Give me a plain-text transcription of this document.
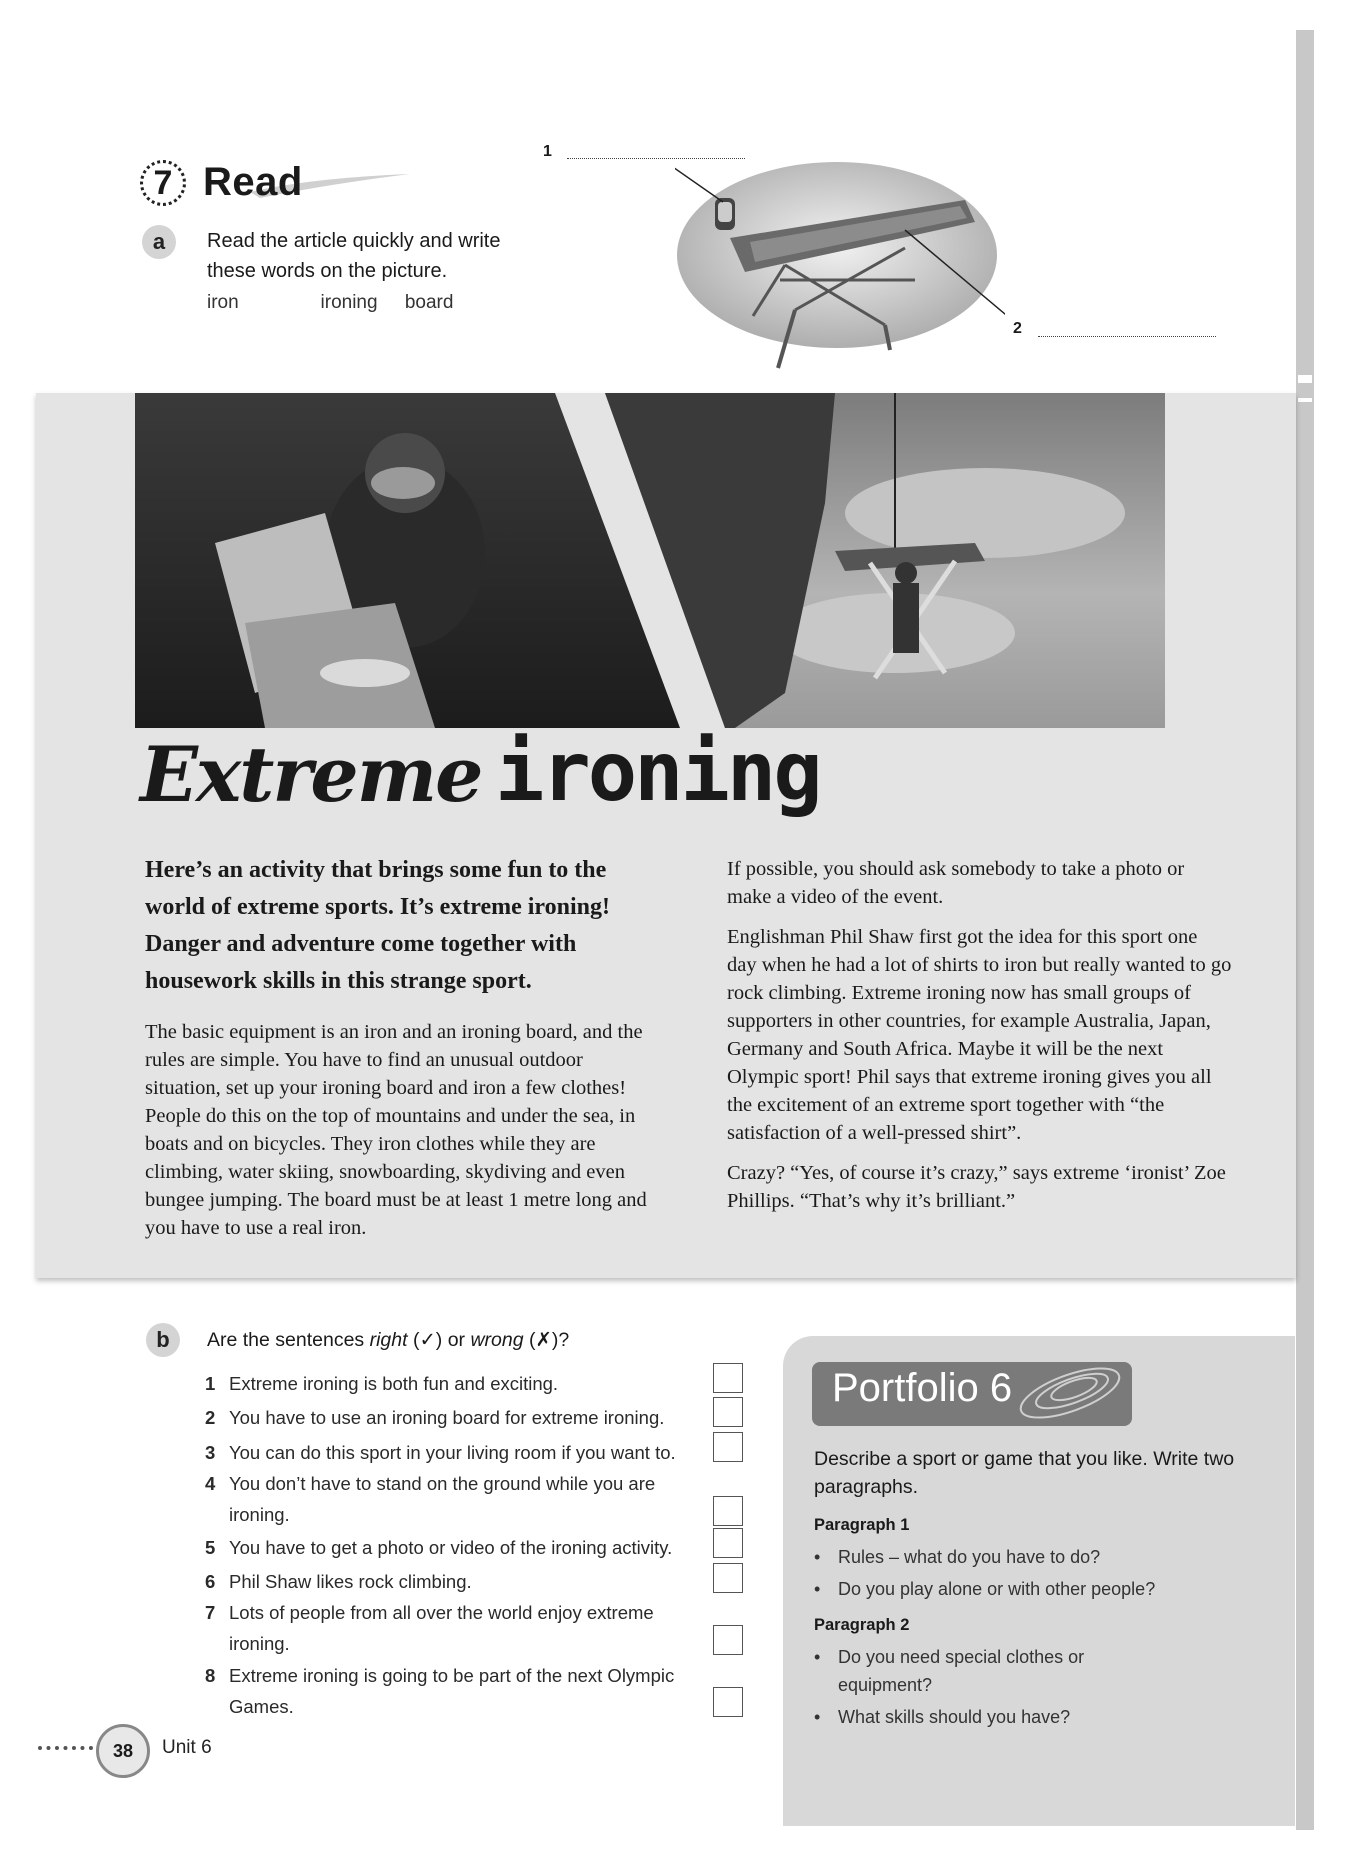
7 Read
a	Read the article quickly and write
these words on the picture.
iron   ironing board
1
2
Extreme ironing
Here’s an activity that brings some fun to the world of extreme sports. It’s extreme ironing! Danger and adventure come together with housework skills in this strange sport.
The basic equipment is an iron and an ironing board, and the rules are simple. You have to find an unusual outdoor situation, set up your ironing board and iron a few clothes! People do this on the top of mountains and under the sea, in boats and on bicycles. They iron clothes while they are climbing, water skiing, snowboarding, skydiving and even bungee jumping. The board must be at least 1 metre long and you have to use a real iron.

If possible, you should ask somebody to take a photo or make a video of the event.

Englishman Phil Shaw first got the idea for this sport one day when he had a lot of shirts to iron but really wanted to go rock climbing. Extreme ironing now has small groups of supporters in other countries, for example Australia, Japan, Germany and South Africa. Maybe it will be the next Olympic sport! Phil says that extreme ironing gives you all the excitement of an extreme sport together with “the satisfaction of a well-pressed shirt”.

Crazy? “Yes, of course it’s crazy,” says extreme ‘ironist’ Zoe Phillips. “That’s why it’s brilliant.”

b	Are the sentences right (✓) or wrong (✗)?
1 Extreme ironing is both fun and exciting.
2 You have to use an ironing board for extreme ironing.
3 You can do this sport in your living room if you want to.
4 You don’t have to stand on the ground while you are ironing.
5 You have to get a photo or video of the ironing activity.
6 Phil Shaw likes rock climbing.
7 Lots of people from all over the world enjoy extreme ironing.
8 Extreme ironing is going to be part of the next Olympic Games.
Portfolio 6
Describe a sport or game that you like. Write two paragraphs.
Paragraph 1
• Rules – what do you have to do?
• Do you play alone or with other people?
Paragraph 2
• Do you need special clothes or equipment?
• What skills should you have?
38	Unit 6
